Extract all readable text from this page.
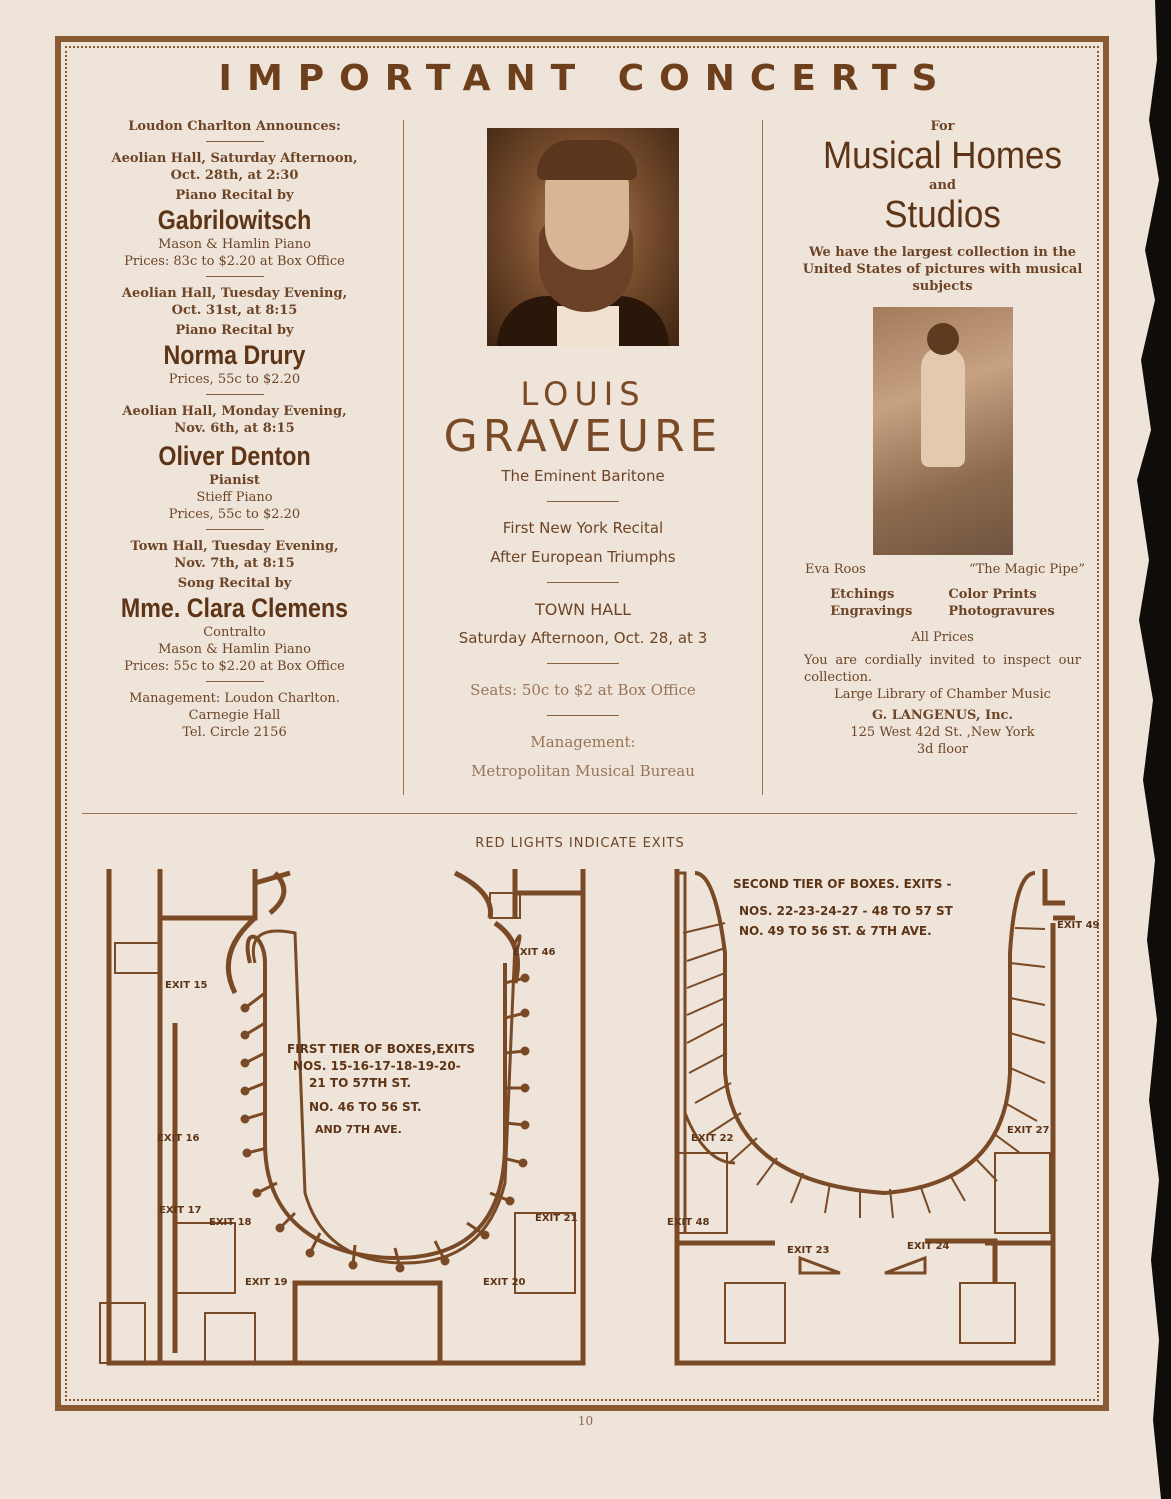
IMPORTANT CONCERTS
Loudon Charlton Announces:
Aeolian Hall, Saturday Afternoon,
Oct. 28th, at 2:30
Piano Recital by
Gabrilowitsch
Mason & Hamlin Piano
Prices: 83c to $2.20 at Box Office
Aeolian Hall, Tuesday Evening,
Oct. 31st, at 8:15
Piano Recital by
Norma Drury
Prices, 55c to $2.20
Aeolian Hall, Monday Evening,
Nov. 6th, at 8:15
Oliver Denton
Pianist
Stieff Piano
Prices, 55c to $2.20
Town Hall, Tuesday Evening,
Nov. 7th, at 8:15
Song Recital by
Mme. Clara Clemens
Contralto
Mason & Hamlin Piano
Prices: 55c to $2.20 at Box Office
Management: Loudon Charlton.
Carnegie Hall
Tel. Circle 2156
LOUIS
GRAVEURE
The Eminent Baritone
First New York Recital
After European Triumphs
TOWN HALL
Saturday Afternoon, Oct. 28, at 3
Seats: 50c to $2 at Box Office
Management:
Metropolitan Musical Bureau
For
Musical Homes
and
Studios
We have the largest collection in the United States of pictures with musical subjects
Eva Roos	“The Magic Pipe”
Etchings
Engravings
Color Prints
Photogravures
All Prices
You are cordially invited to inspect our collection.
Large Library of Chamber Music
G. LANGENUS, Inc.
125 West 42d St. ,New York
3d floor
RED LIGHTS INDICATE EXITS
EXIT 15
EXIT 16
EXIT 17
EXIT 18
EXIT 19	EXIT 20
EXIT 21
EXIT 46
FIRST TIER OF BOXES,EXITS
NOS. 15-16-17-18-19-20-
21 TO 57TH ST.
NO. 46 TO 56 ST.
AND 7TH AVE.
EXIT 22
EXIT 23	EXIT 24
EXIT 27
EXIT 48
EXIT 49
SECOND TIER OF BOXES. EXITS -
NOS. 22-23-24-27 - 48 TO 57 ST
NO. 49 TO 56 ST. & 7TH AVE.
10
